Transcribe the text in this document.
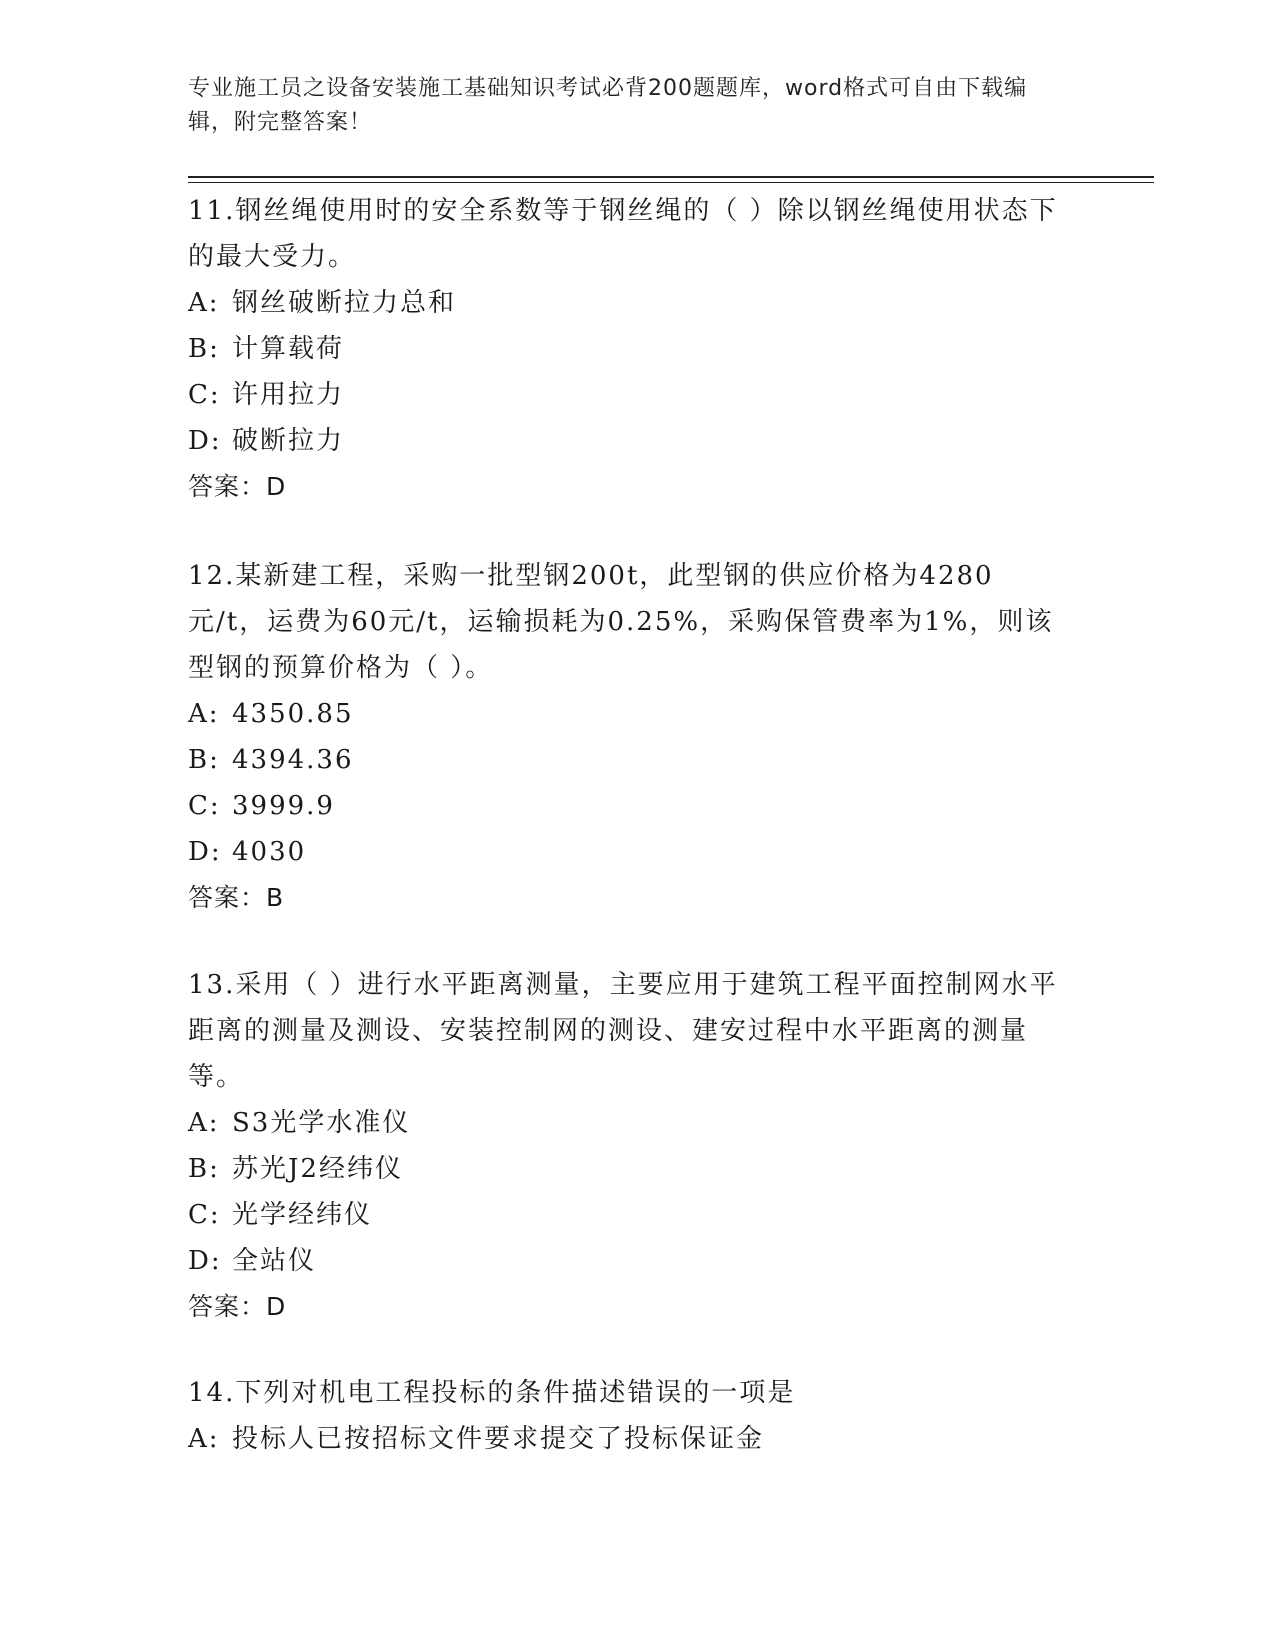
专业施工员之设备安装施工基础知识考试必背200题题库，word格式可自由下载编辑，附完整答案！
11.钢丝绳使用时的安全系数等于钢丝绳的（ ）除以钢丝绳使用状态下的最大受力。
A: 钢丝破断拉力总和
B: 计算载荷
C: 许用拉力
D: 破断拉力
答案：D
12.某新建工程，采购一批型钢200t，此型钢的供应价格为4280元/t，运费为60元/t，运输损耗为0.25%，采购保管费率为1%，则该型钢的预算价格为（ ）。
A: 4350.85
B: 4394.36
C: 3999.9
D: 4030
答案：B
13.采用（ ）进行水平距离测量，主要应用于建筑工程平面控制网水平距离的测量及测设、安装控制网的测设、建安过程中水平距离的测量等。
A: S3光学水准仪
B: 苏光J2经纬仪
C: 光学经纬仪
D: 全站仪
答案：D
14.下列对机电工程投标的条件描述错误的一项是
A: 投标人已按招标文件要求提交了投标保证金
